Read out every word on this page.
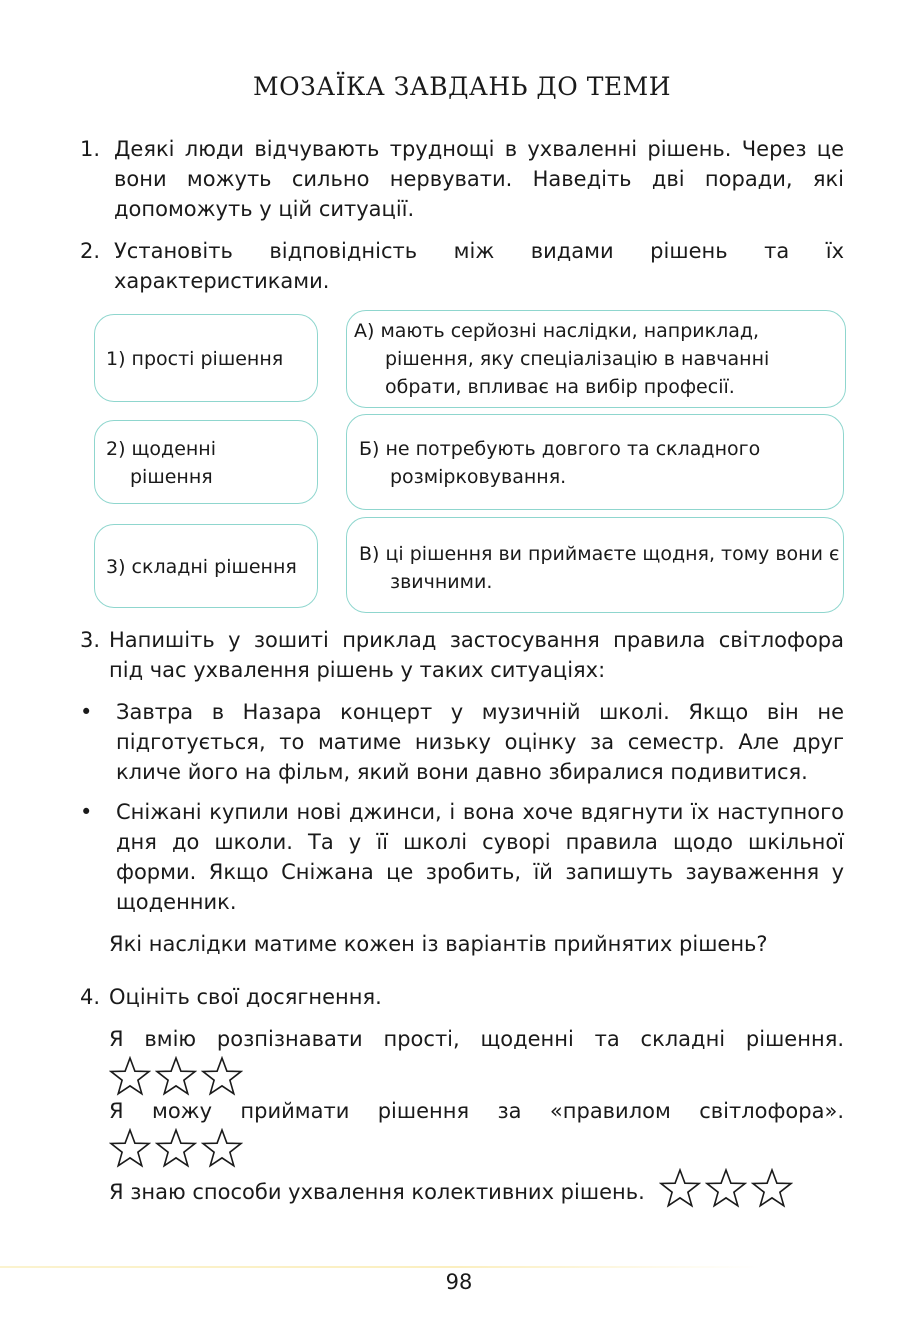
МОЗАЇКА ЗАВДАНЬ ДО ТЕМИ
1. Деякі люди відчувають труднощі в ухваленні рішень. Через це вони можуть сильно нервувати. Наведіть дві поради, які допоможуть у цій ситуації.
2. Установіть відповідність між видами рішень та їх характеристиками.
1) прості рішення
2) щоденні рішення
3) складні рішення
А) мають серйозні наслідки, наприклад, рішення, яку спеціалізацію в навчанні обрати, впливає на вибір професії.
Б) не потребують довгого та складного розмірковування.
В) ці рішення ви приймаєте щодня, тому вони є звичними.
3. Напишіть у зошиті приклад застосування правила світлофора під час ухвалення рішень у таких ситуаціях:
• Завтра в Назара концерт у музичній школі. Якщо він не підготується, то матиме низьку оцінку за семестр. Але друг кличе його на фільм, який вони давно збиралися подивитися.
• Сніжані купили нові джинси, і вона хоче вдягнути їх наступного дня до школи. Та у її школі суворі правила щодо шкільної форми. Якщо Сніжана це зробить, їй запишуть зауваження у щоденник.
Які наслідки матиме кожен із варіантів прийнятих рішень?
4. Оцініть свої досягнення.
Я вмію розпізнавати прості, щоденні та складні рішення.
Я можу приймати рішення за «правилом світлофора».
Я знаю способи ухвалення колективних рішень.
98
